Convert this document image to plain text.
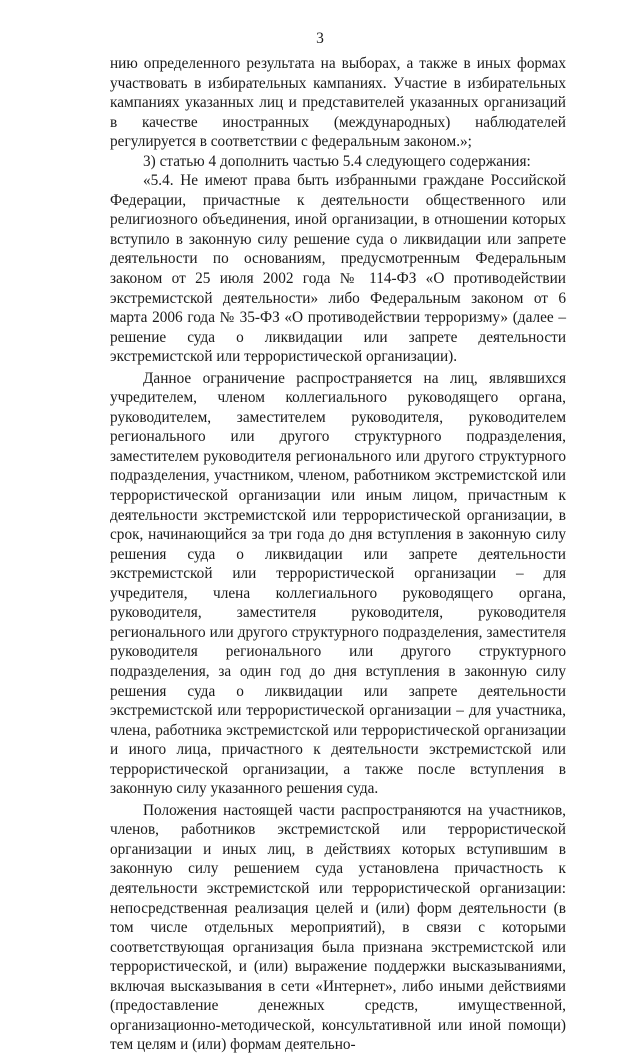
3

нию определенного результата на выборах, а также в иных формах участвовать в избирательных кампаниях. Участие в избирательных кампаниях указанных лиц и представителей указанных организаций в качестве иностранных (международных) наблюдателей регулируется в соответствии с федеральным законом.»;

3) статью 4 дополнить частью 5.4 следующего содержания:

«5.4. Не имеют права быть избранными граждане Российской Федерации, причастные к деятельности общественного или религиозного объединения, иной организации, в отношении которых вступило в законную силу решение суда о ликвидации или запрете деятельности по основаниям, предусмотренным Федеральным законом от 25 июля 2002 года № 114-ФЗ «О противодействии экстремистской деятельности» либо Федеральным законом от 6 марта 2006 года № 35-ФЗ «О противодействии терроризму» (далее – решение суда о ликвидации или запрете деятельности экстремистской или террористической организации).

Данное ограничение распространяется на лиц, являвшихся учредителем, членом коллегиального руководящего органа, руководителем, заместителем руководителя, руководителем регионального или другого структурного подразделения, заместителем руководителя регионального или другого структурного подразделения, участником, членом, работником экстремистской или террористической организации или иным лицом, причастным к деятельности экстремистской или террористической организации, в срок, начинающийся за три года до дня вступления в законную силу решения суда о ликвидации или запрете деятельности экстремистской или террористической организации – для учредителя, члена коллегиального руководящего органа, руководителя, заместителя руководителя, руководителя регионального или другого структурного подразделения, заместителя руководителя регионального или другого структурного подразделения, за один год до дня вступления в законную силу решения суда о ликвидации или запрете деятельности экстремистской или террористической организации – для участника, члена, работника экстремистской или террористической организации и иного лица, причастного к деятельности экстремистской или террористической организации, а также после вступления в законную силу указанного решения суда.

Положения настоящей части распространяются на участников, членов, работников экстремистской или террористической организации и иных лиц, в действиях которых вступившим в законную силу решением суда установлена причастность к деятельности экстремистской или террористической организации: непосредственная реализация целей и (или) форм деятельности (в том числе отдельных мероприятий), в связи с которыми соответствующая организация была признана экстремистской или террористической, и (или) выражение поддержки высказываниями, включая высказывания в сети «Интернет», либо иными действиями (предоставление денежных средств, имущественной, организационно-методической, консультативной или иной помощи) тем целям и (или) формам деятельно-
